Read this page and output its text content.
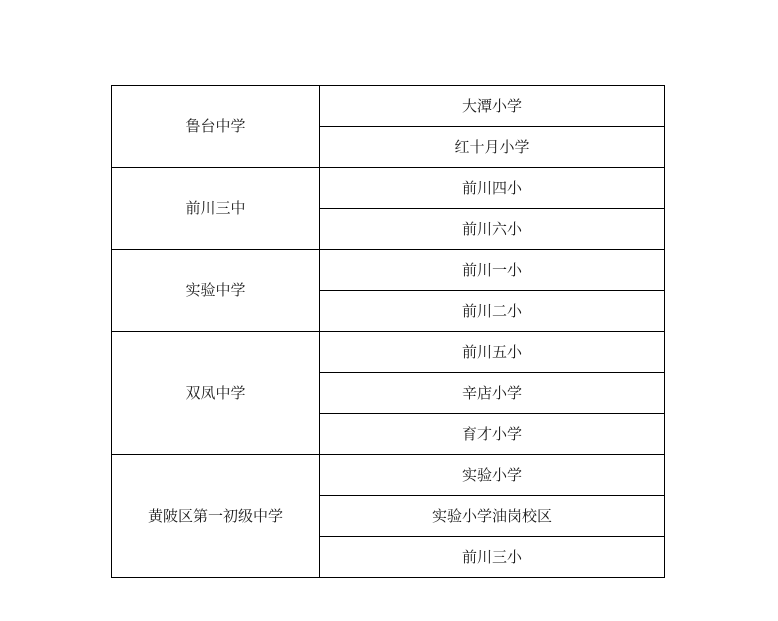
鲁台中学	大潭小学
	红十月小学
前川三中	前川四小
	前川六小
实验中学	前川一小
	前川二小
双凤中学	前川五小
	辛店小学
	育才小学
黄陂区第一初级中学	实验小学
	实验小学油岗校区
	前川三小
